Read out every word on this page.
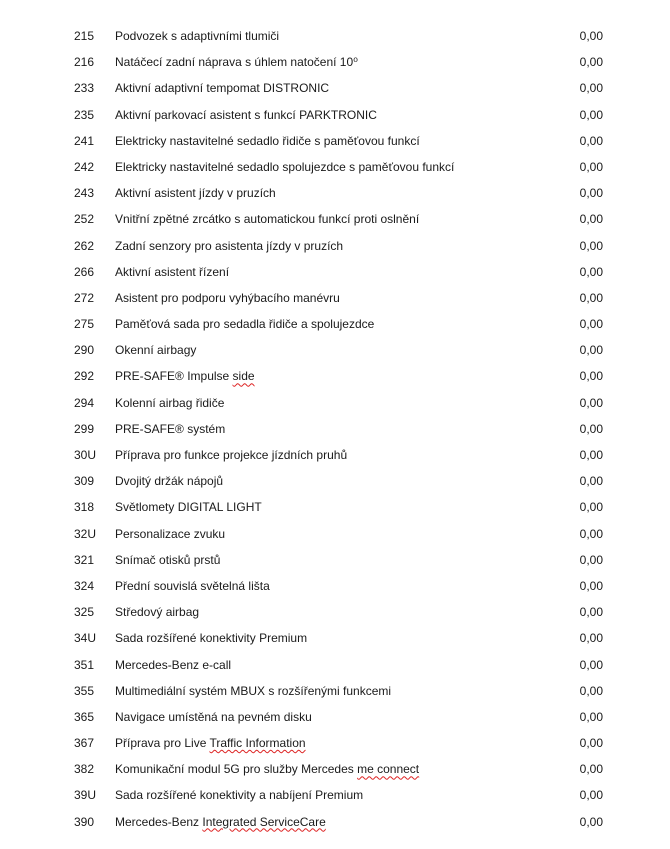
215	Podvozek s adaptivními tlumiči	0,00
216	Natáčecí zadní náprava s úhlem natočení 10⁰	0,00
233	Aktivní adaptivní tempomat DISTRONIC	0,00
235	Aktivní parkovací asistent s funkcí PARKTRONIC	0,00
241	Elektricky nastavitelné sedadlo řidiče s paměťovou funkcí	0,00
242	Elektricky nastavitelné sedadlo spolujezdce s paměťovou funkcí	0,00
243	Aktivní asistent jízdy v pruzích	0,00
252	Vnitřní zpětné zrcátko s automatickou funkcí proti oslnění	0,00
262	Zadní senzory pro asistenta jízdy v pruzích	0,00
266	Aktivní asistent řízení	0,00
272	Asistent pro podporu vyhýbacího manévru	0,00
275	Paměťová sada pro sedadla řidiče a spolujezdce	0,00
290	Okenní airbagy	0,00
292	PRE-SAFE® Impulse side	0,00
294	Kolenní airbag řidiče	0,00
299	PRE-SAFE® systém	0,00
30U	Příprava pro funkce projekce jízdních pruhů	0,00
309	Dvojitý držák nápojů	0,00
318	Světlomety DIGITAL LIGHT	0,00
32U	Personalizace zvuku	0,00
321	Snímač otisků prstů	0,00
324	Přední souvislá světelná lišta	0,00
325	Středový airbag	0,00
34U	Sada rozšířené konektivity Premium	0,00
351	Mercedes-Benz e-call	0,00
355	Multimediální systém MBUX s rozšířenými funkcemi	0,00
365	Navigace umístěná na pevném disku	0,00
367	Příprava pro Live Traffic Information	0,00
382	Komunikační modul 5G pro služby Mercedes me connect	0,00
39U	Sada rozšířené konektivity a nabíjení Premium	0,00
390	Mercedes-Benz Integrated ServiceCare	0,00
